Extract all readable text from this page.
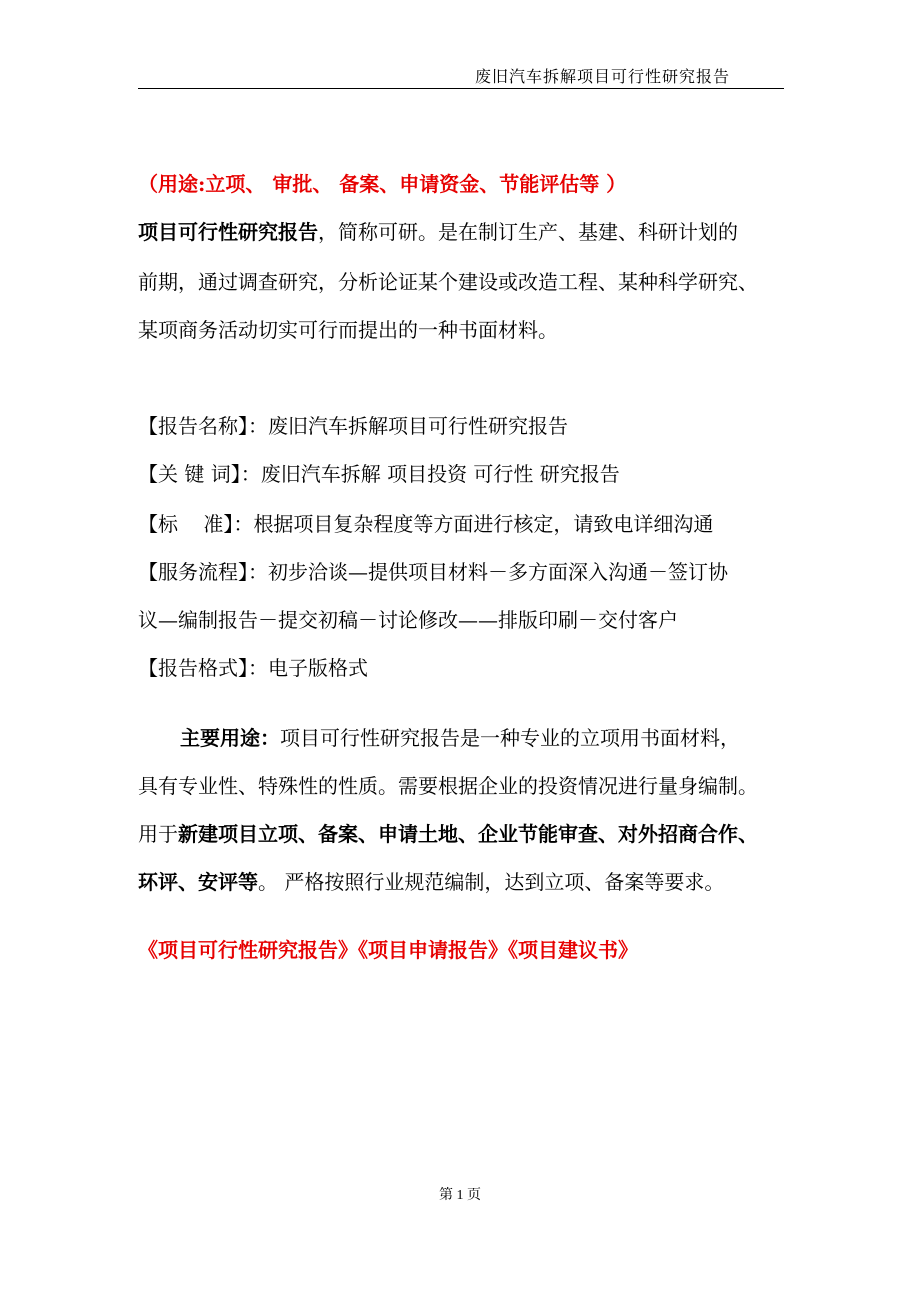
废旧汽车拆解项目可行性研究报告
（用途:立项、 审批、 备案、申请资金、节能评估等 ）
项目可行性研究报告，简称可研。是在制订生产、基建、科研计划的
前期，通过调查研究，分析论证某个建设或改造工程、某种科学研究、
某项商务活动切实可行而提出的一种书面材料。
【报告名称】：废旧汽车拆解项目可行性研究报告
【关 键 词】：废旧汽车拆解 项目投资 可行性 研究报告
【标    准】：根据项目复杂程度等方面进行核定，请致电详细沟通
【服务流程】：初步洽谈—提供项目材料－多方面深入沟通－签订协
议—编制报告－提交初稿－讨论修改——排版印刷－交付客户
【报告格式】：电子版格式
主要用途：项目可行性研究报告是一种专业的立项用书面材料，
具有专业性、特殊性的性质。需要根据企业的投资情况进行量身编制。
用于新建项目立项、备案、申请土地、企业节能审查、对外招商合作、
环评、安评等。 严格按照行业规范编制，达到立项、备案等要求。
《项目可行性研究报告》《项目申请报告》《项目建议书》
第 1 页
